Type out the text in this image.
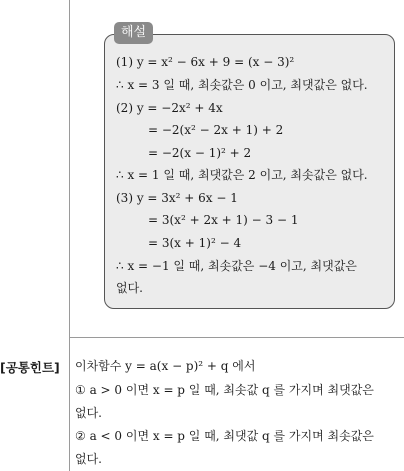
해설
(1) y = x² − 6x + 9 = (x − 3)²
∴ x = 3 일 때, 최솟값은 0 이고, 최댓값은 없다.
(2) y = −2x² + 4x
= −2(x² − 2x + 1) + 2
= −2(x − 1)² + 2
∴ x = 1 일 때, 최댓값은 2 이고, 최솟값은 없다.
(3) y = 3x² + 6x − 1
= 3(x² + 2x + 1) − 3 − 1
= 3(x + 1)² − 4
∴ x = −1 일 때, 최솟값은 −4 이고, 최댓값은
없다.
[공통힌트] 이차함수 y = a(x − p)² + q 에서
① a > 0 이면 x = p 일 때, 최솟값 q 를 가지며 최댓값은
없다.
② a < 0 이면 x = p 일 때, 최댓값 q 를 가지며 최솟값은
없다.
